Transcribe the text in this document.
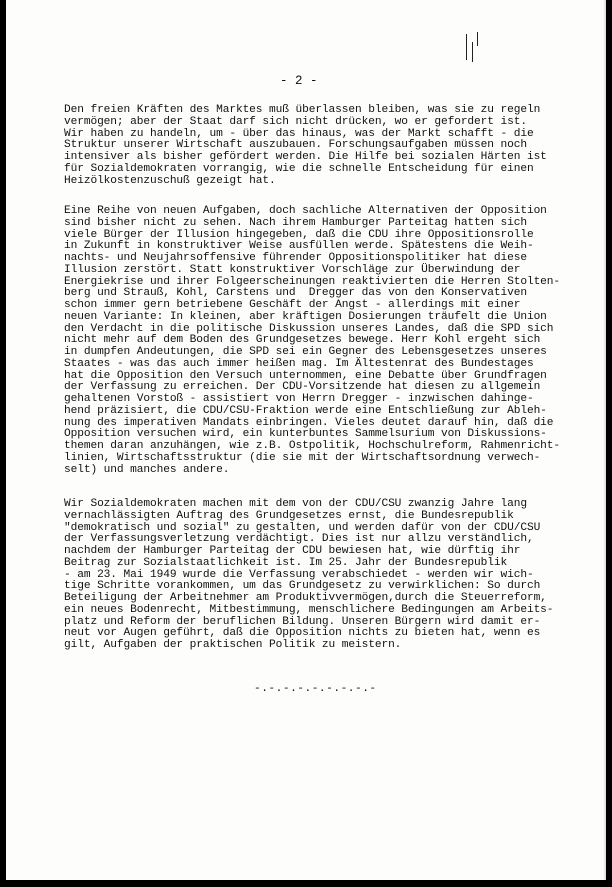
- 2 -
Den freien Kräften des Marktes muß überlassen bleiben, was sie zu regeln
vermögen; aber der Staat darf sich nicht drücken, wo er gefordert ist.
Wir haben zu handeln, um - über das hinaus, was der Markt schafft - die
Struktur unserer Wirtschaft auszubauen. Forschungsaufgaben müssen noch
intensiver als bisher gefördert werden. Die Hilfe bei sozialen Härten ist
für Sozialdemokraten vorrangig, wie die schnelle Entscheidung für einen
Heizölkostenzuschuß gezeigt hat.
Eine Reihe von neuen Aufgaben, doch sachliche Alternativen der Opposition
sind bisher nicht zu sehen. Nach ihrem Hamburger Parteitag hatten sich
viele Bürger der Illusion hingegeben, daß die CDU ihre Oppositionsrolle
in Zukunft in konstruktiver Weise ausfüllen werde. Spätestens die Weih-
nachts- und Neujahrsoffensive führender Oppositionspolitiker hat diese
Illusion zerstört. Statt konstruktiver Vorschläge zur Überwindung der
Energiekrise und ihrer Folgeerscheinungen reaktivierten die Herren Stolten-
berg und Strauß, Kohl, Carstens und  Dregger das von den Konservativen
schon immer gern betriebene Geschäft der Angst - allerdings mit einer
neuen Variante: In kleinen, aber kräftigen Dosierungen träufelt die Union
den Verdacht in die politische Diskussion unseres Landes, daß die SPD sich
nicht mehr auf dem Boden des Grundgesetzes bewege. Herr Kohl ergeht sich
in dumpfen Andeutungen, die SPD sei ein Gegner des Lebensgesetzes unseres
Staates - was das auch immer heißen mag. Im Ältestenrat des Bundestages
hat die Opposition den Versuch unternommen, eine Debatte über Grundfragen
der Verfassung zu erreichen. Der CDU-Vorsitzende hat diesen zu allgemein
gehaltenen Vorstoß - assistiert von Herrn Dregger - inzwischen dahinge-
hend präzisiert, die CDU/CSU-Fraktion werde eine Entschließung zur Ableh-
nung des imperativen Mandats einbringen. Vieles deutet darauf hin, daß die
Opposition versuchen wird, ein kunterbuntes Sammelsurium von Diskussions-
themen daran anzuhängen, wie z.B. Ostpolitik, Hochschulreform, Rahmenricht-
linien, Wirtschaftsstruktur (die sie mit der Wirtschaftsordnung verwech-
selt) und manches andere.
Wir Sozialdemokraten machen mit dem von der CDU/CSU zwanzig Jahre lang
vernachlässigten Auftrag des Grundgesetzes ernst, die Bundesrepublik
"demokratisch und sozial" zu gestalten, und werden dafür von der CDU/CSU
der Verfassungsverletzung verdächtigt. Dies ist nur allzu verständlich,
nachdem der Hamburger Parteitag der CDU bewiesen hat, wie dürftig ihr
Beitrag zur Sozialstaatlichkeit ist. Im 25. Jahr der Bundesrepublik
- am 23. Mai 1949 wurde die Verfassung verabschiedet - werden wir wich-
tige Schritte vorankommen, um das Grundgesetz zu verwirklichen: So durch
Beteiligung der Arbeitnehmer am Produktivvermögen,durch die Steuerreform,
ein neues Bodenrecht, Mitbestimmung, menschlichere Bedingungen am Arbeits-
platz und Reform der beruflichen Bildung. Unseren Bürgern wird damit er-
neut vor Augen geführt, daß die Opposition nichts zu bieten hat, wenn es
gilt, Aufgaben der praktischen Politik zu meistern.
-.-.-.-.-.-.-.-.-
